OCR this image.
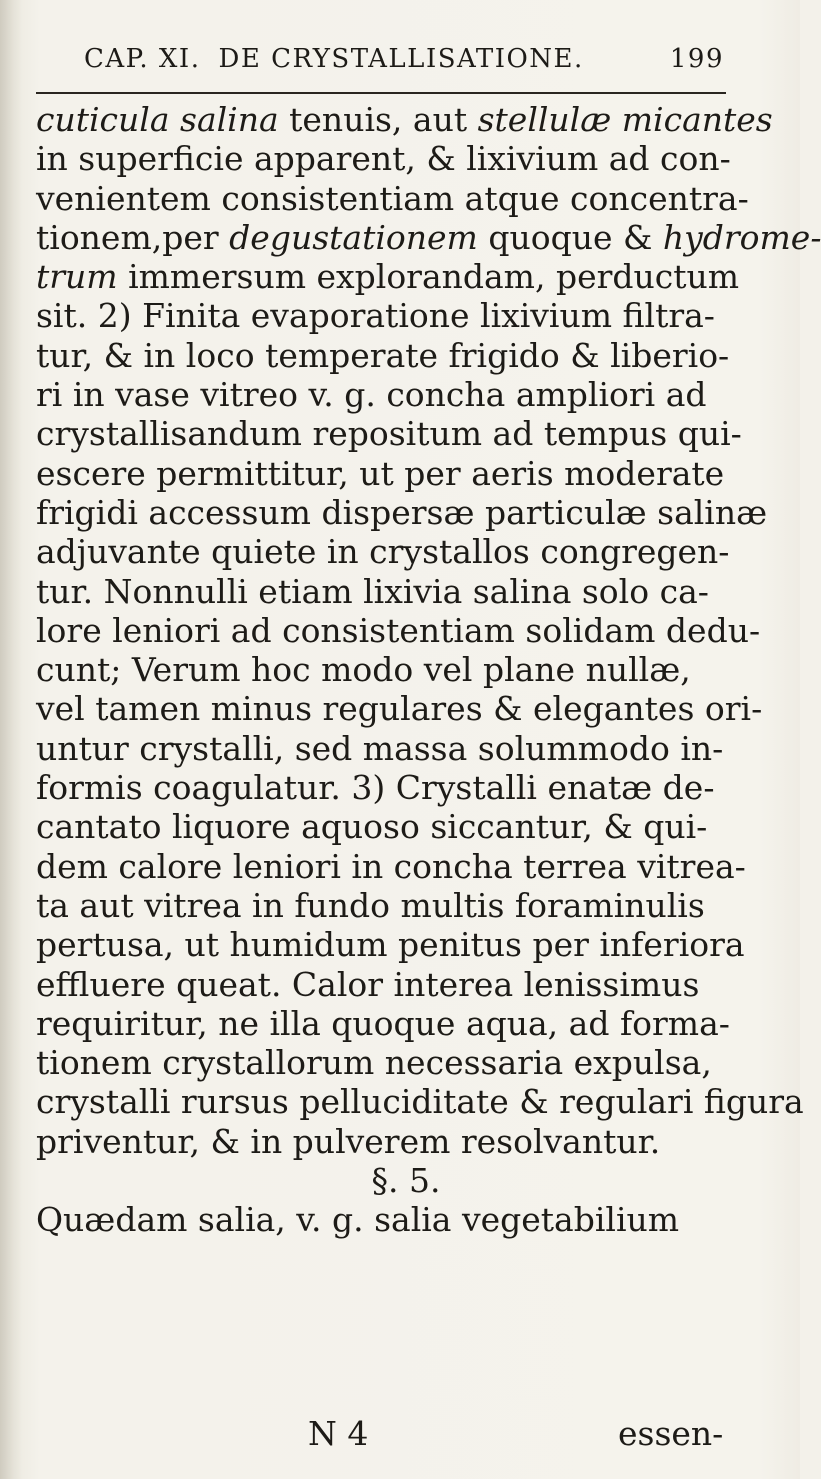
CAP. XI. DE CRYSTALLISATIONE.	199
cuticula salina tenuis, aut stellulæ micantes
in superficie apparent, & lixivium ad con-
venientem consistentiam atque concentra-
tionem,per degustationem quoque & hydrome-
trum immersum explorandam, perductum
sit. 2) Finita evaporatione lixivium filtra-
tur, & in loco temperate frigido & liberio-
ri in vase vitreo v. g. concha ampliori ad
crystallisandum repositum ad tempus qui-
escere permittitur, ut per aeris moderate
frigidi accessum dispersæ particulæ salinæ
adjuvante quiete in crystallos congregen-
tur. Nonnulli etiam lixivia salina solo ca-
lore leniori ad consistentiam solidam dedu-
cunt; Verum hoc modo vel plane nullæ,
vel tamen minus regulares & elegantes ori-
untur crystalli, sed massa solummodo in-
formis coagulatur. 3) Crystalli enatæ de-
cantato liquore aquoso siccantur, & qui-
dem calore leniori in concha terrea vitrea-
ta aut vitrea in fundo multis foraminulis
pertusa, ut humidum penitus per inferiora
effluere queat. Calor interea lenissimus
requiritur, ne illa quoque aqua, ad forma-
tionem crystallorum necessaria expulsa,
crystalli rursus pelluciditate & regulari figura
priventur, & in pulverem resolvantur.
§. 5.
Quædam salia, v. g. salia vegetabilium
N 4	essen-
